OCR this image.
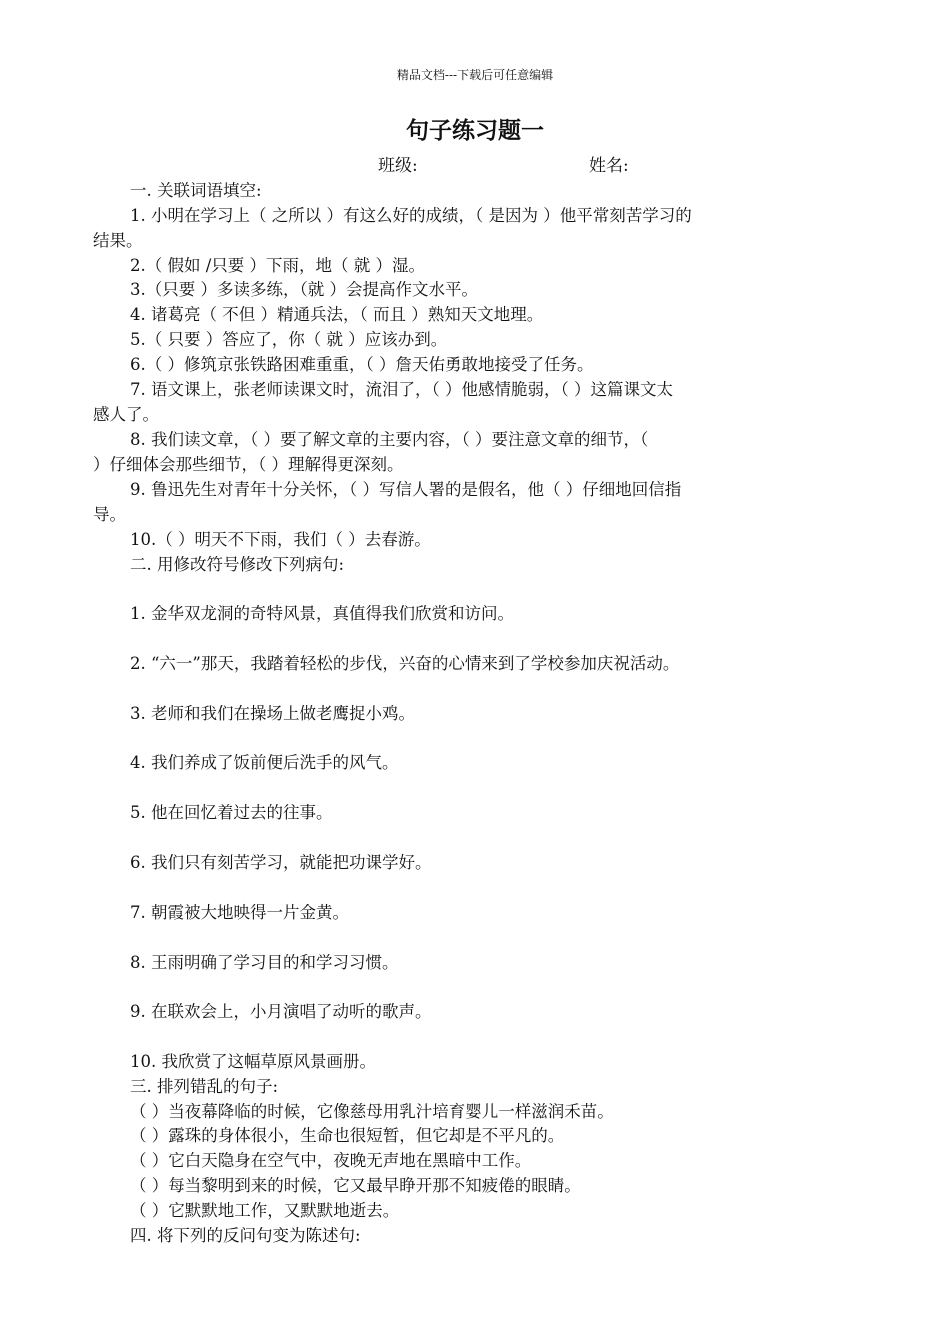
精品文档---下载后可任意编辑
句子练习题一
班级:	姓名:
一. 关联词语填空:
1. 小明在学习上（ 之所以 ）有这么好的成绩，（ 是因为 ）他平常刻苦学习的
结果。
2.（ 假如 /只要 ）下雨，地（ 就 ）湿。
3.（只要 ）多读多练，（就 ）会提高作文水平。
4. 诸葛亮（ 不但 ）精通兵法，（ 而且 ）熟知天文地理。
5.（ 只要 ）答应了，你（ 就 ）应该办到。
6.（ ）修筑京张铁路困难重重，（ ）詹天佑勇敢地接受了任务。
7. 语文课上，张老师读课文时，流泪了，（ ）他感情脆弱，（ ）这篇课文太
感人了。
8. 我们读文章，（ ）要了解文章的主要内容，（ ）要注意文章的细节，（
）仔细体会那些细节，（ ）理解得更深刻。
9. 鲁迅先生对青年十分关怀，（ ）写信人署的是假名，他（ ）仔细地回信指
导。
10.（ ）明天不下雨，我们（ ）去春游。
二. 用修改符号修改下列病句:
1. 金华双龙洞的奇特风景，真值得我们欣赏和访问。
2. “六一”那天，我踏着轻松的步伐，兴奋的心情来到了学校参加庆祝活动。
3. 老师和我们在操场上做老鹰捉小鸡。
4. 我们养成了饭前便后洗手的风气。
5. 他在回忆着过去的往事。
6. 我们只有刻苦学习，就能把功课学好。
7. 朝霞被大地映得一片金黄。
8. 王雨明确了学习目的和学习习惯。
9. 在联欢会上，小月演唱了动听的歌声。
10. 我欣赏了这幅草原风景画册。
三. 排列错乱的句子:
（ ）当夜幕降临的时候，它像慈母用乳汁培育婴儿一样滋润禾苗。
（ ）露珠的身体很小，生命也很短暂，但它却是不平凡的。
（ ）它白天隐身在空气中，夜晚无声地在黑暗中工作。
（ ）每当黎明到来的时候，它又最早睁开那不知疲倦的眼睛。
（ ）它默默地工作，又默默地逝去。
四. 将下列的反问句变为陈述句:
